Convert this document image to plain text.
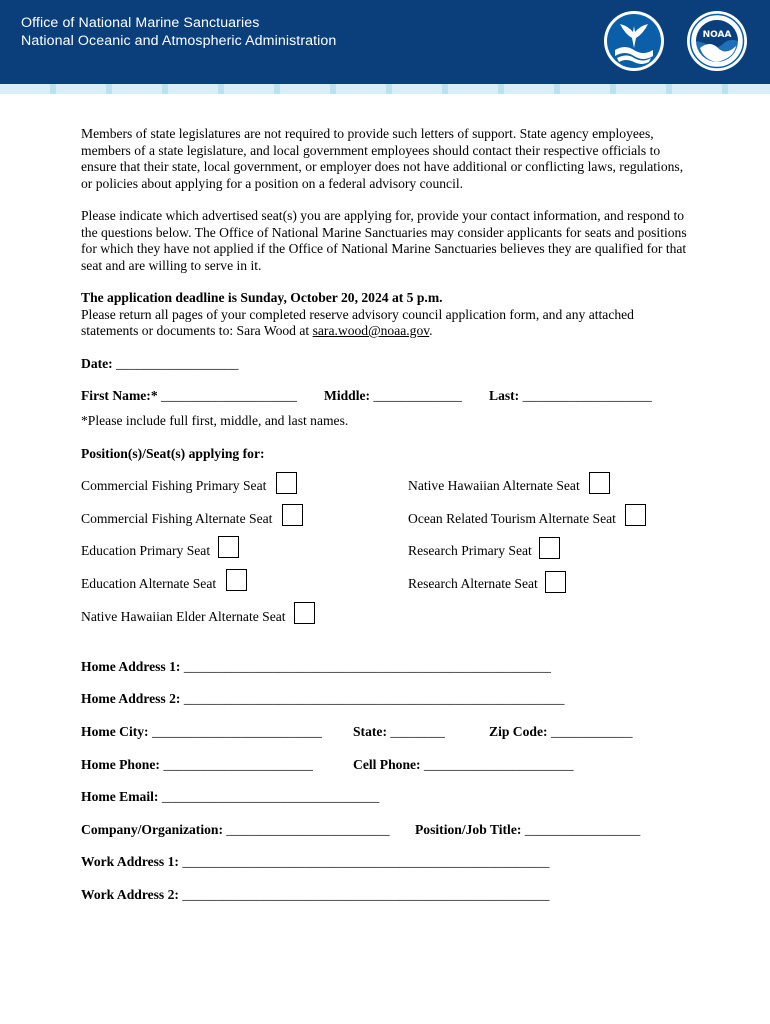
Office of National Marine Sanctuaries
National Oceanic and Atmospheric Administration	NOAA
Members of state legislatures are not required to provide such letters of support. State agency employees, members of a state legislature, and local government employees should contact their respective officials to ensure that their state, local government, or employer does not have additional or conflicting laws, regulations, or policies about applying for a position on a federal advisory council.
Please indicate which advertised seat(s) you are applying for, provide your contact information, and respond to the questions below. The Office of National Marine Sanctuaries may consider applicants for seats and positions for which they have not applied if the Office of National Marine Sanctuaries believes they are qualified for that seat and are willing to serve in it.
The application deadline is Sunday, October 20, 2024 at 5 p.m.
Please return all pages of your completed reserve advisory council application form, and any attached statements or documents to: Sara Wood at sara.wood@noaa.gov.
Date: __________________
First Name:* ____________________ Middle: _____________ Last: ___________________
*Please include full first, middle, and last names.
Position(s)/Seat(s) applying for:
Commercial Fishing Primary Seat
Commercial Fishing Alternate Seat
Education Primary Seat
Education Alternate Seat
Native Hawaiian Elder Alternate Seat
Native Hawaiian Alternate Seat
Ocean Related Tourism Alternate Seat
Research Primary Seat
Research Alternate Seat
Home Address 1: ______________________________________________________
Home Address 2: ________________________________________________________
Home City: _________________________ State: ________	Zip Code: ____________
Home Phone: ______________________	Cell Phone: ______________________
Home Email: ________________________________
Company/Organization: ________________________ Position/Job Title: _________________
Work Address 1: ______________________________________________________
Work Address 2: ______________________________________________________
